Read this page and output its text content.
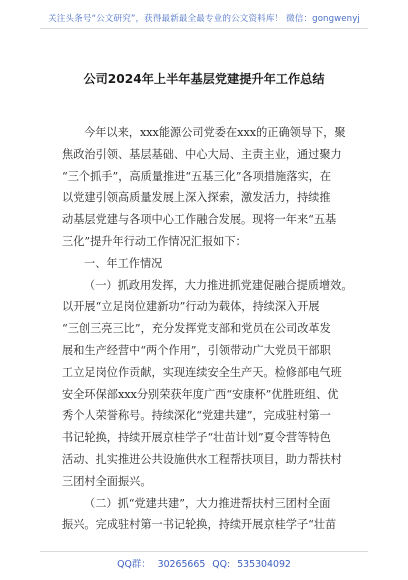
关注头条号“公文研究”，获得最新最全最专业的公文资料库！ 微信：gongwenyj
公司2024年上半年基层党建提升年工作总结
今年以来，xxx能源公司党委在xxx的正确领导下，聚
焦政治引领、基层基础、中心大局、主责主业，通过聚力
“三个抓手”，高质量推进“五基三化”各项措施落实，在
以党建引领高质量发展上深入探索，激发活力，持续推
动基层党建与各项中心工作融合发展。现将一年来“五基
三化”提升年行动工作情况汇报如下：
一、年工作情况
（一）抓政用发挥，大力推进抓党建促融合提质增效。
以开展“立足岗位建新功”行动为载体，持续深入开展
“三创三亮三比”，充分发挥党支部和党员在公司改革发
展和生产经营中“两个作用”，引领带动广大党员干部职
工立足岗位作贡献，实现连续安全生产天。检修部电气班
安全环保部xxx分别荣获年度广西“安康杯”优胜班组、优
秀个人荣誉称号。持续深化“党建共建”，完成驻村第一
书记轮换，持续开展京桂学子“壮苗计划”夏令营等特色
活动、扎实推进公共设施供水工程帮扶项目，助力帮扶村
三团村全面振兴。
（二）抓“党建共建”，大力推进帮扶村三团村全面
振兴。完成驻村第一书记轮换，持续开展京桂学子“壮苗
QQ群： 30265665 QQ: 535304092
